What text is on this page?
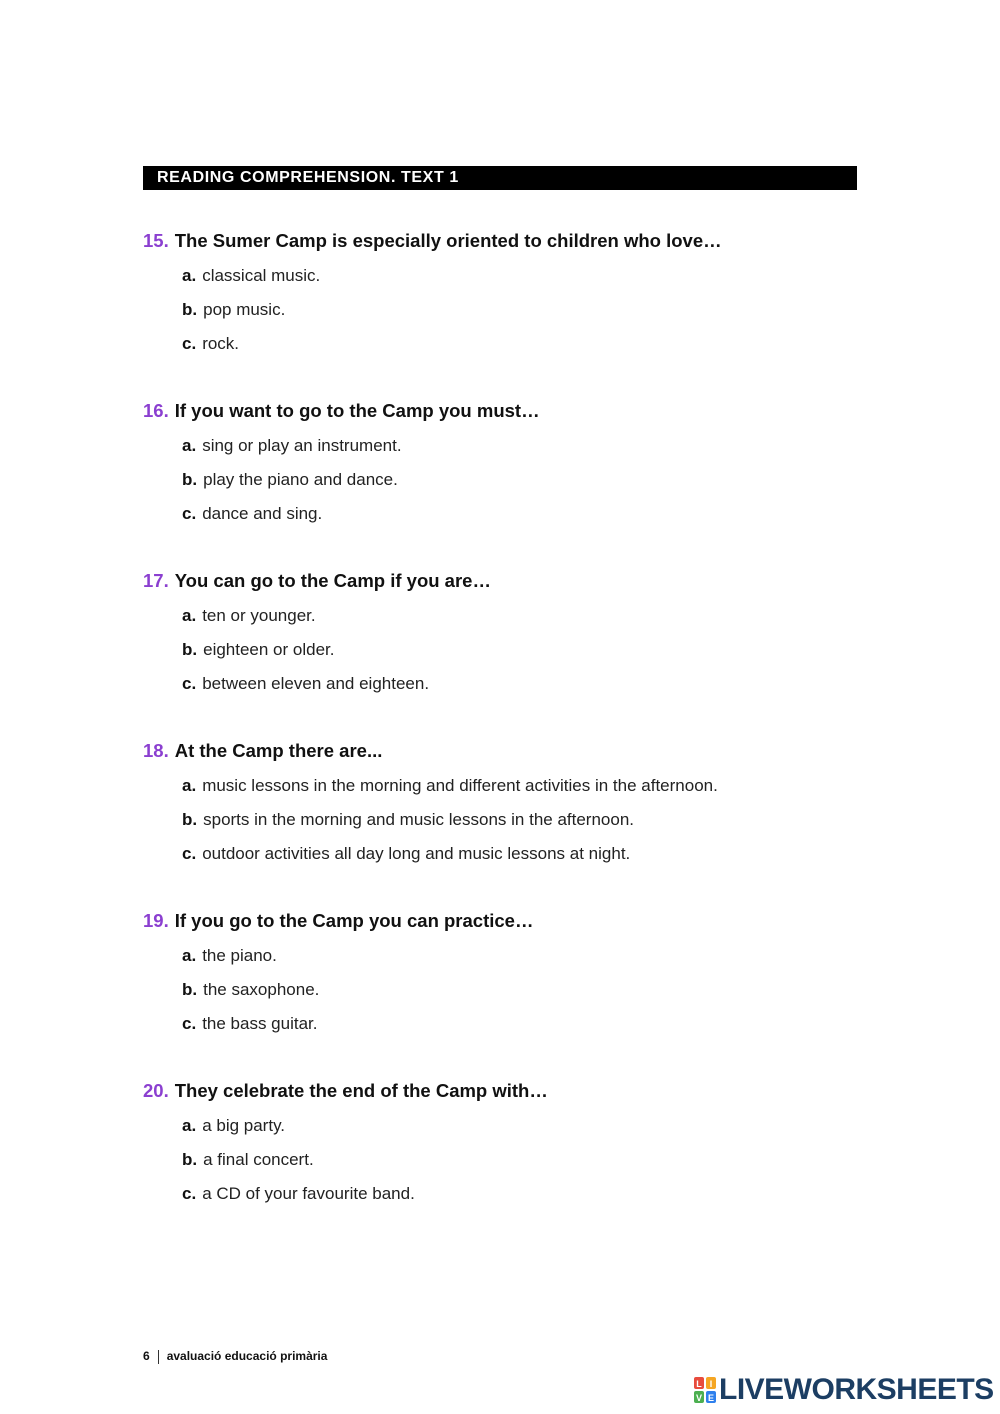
READING COMPREHENSION. TEXT 1
15. The Sumer Camp is especially oriented to children who love…
a. classical music.
b. pop music.
c. rock.
16. If you want to go to the Camp you must…
a. sing or play an instrument.
b. play the piano and dance.
c. dance and sing.
17. You can go to the Camp if you are…
a. ten or younger.
b. eighteen or older.
c. between eleven and eighteen.
18. At the Camp there are...
a. music lessons in the morning and different activities in the afternoon.
b. sports in the morning and music lessons in the afternoon.
c. outdoor activities all day long and music lessons at night.
19. If you go to the Camp you can practice…
a. the piano.
b. the saxophone.
c. the bass guitar.
20. They celebrate the end of the Camp with…
a. a big party.
b. a final concert.
c. a CD of your favourite band.
6 avaluació educació primària
L I
V E LIVEWORKSHEETS
